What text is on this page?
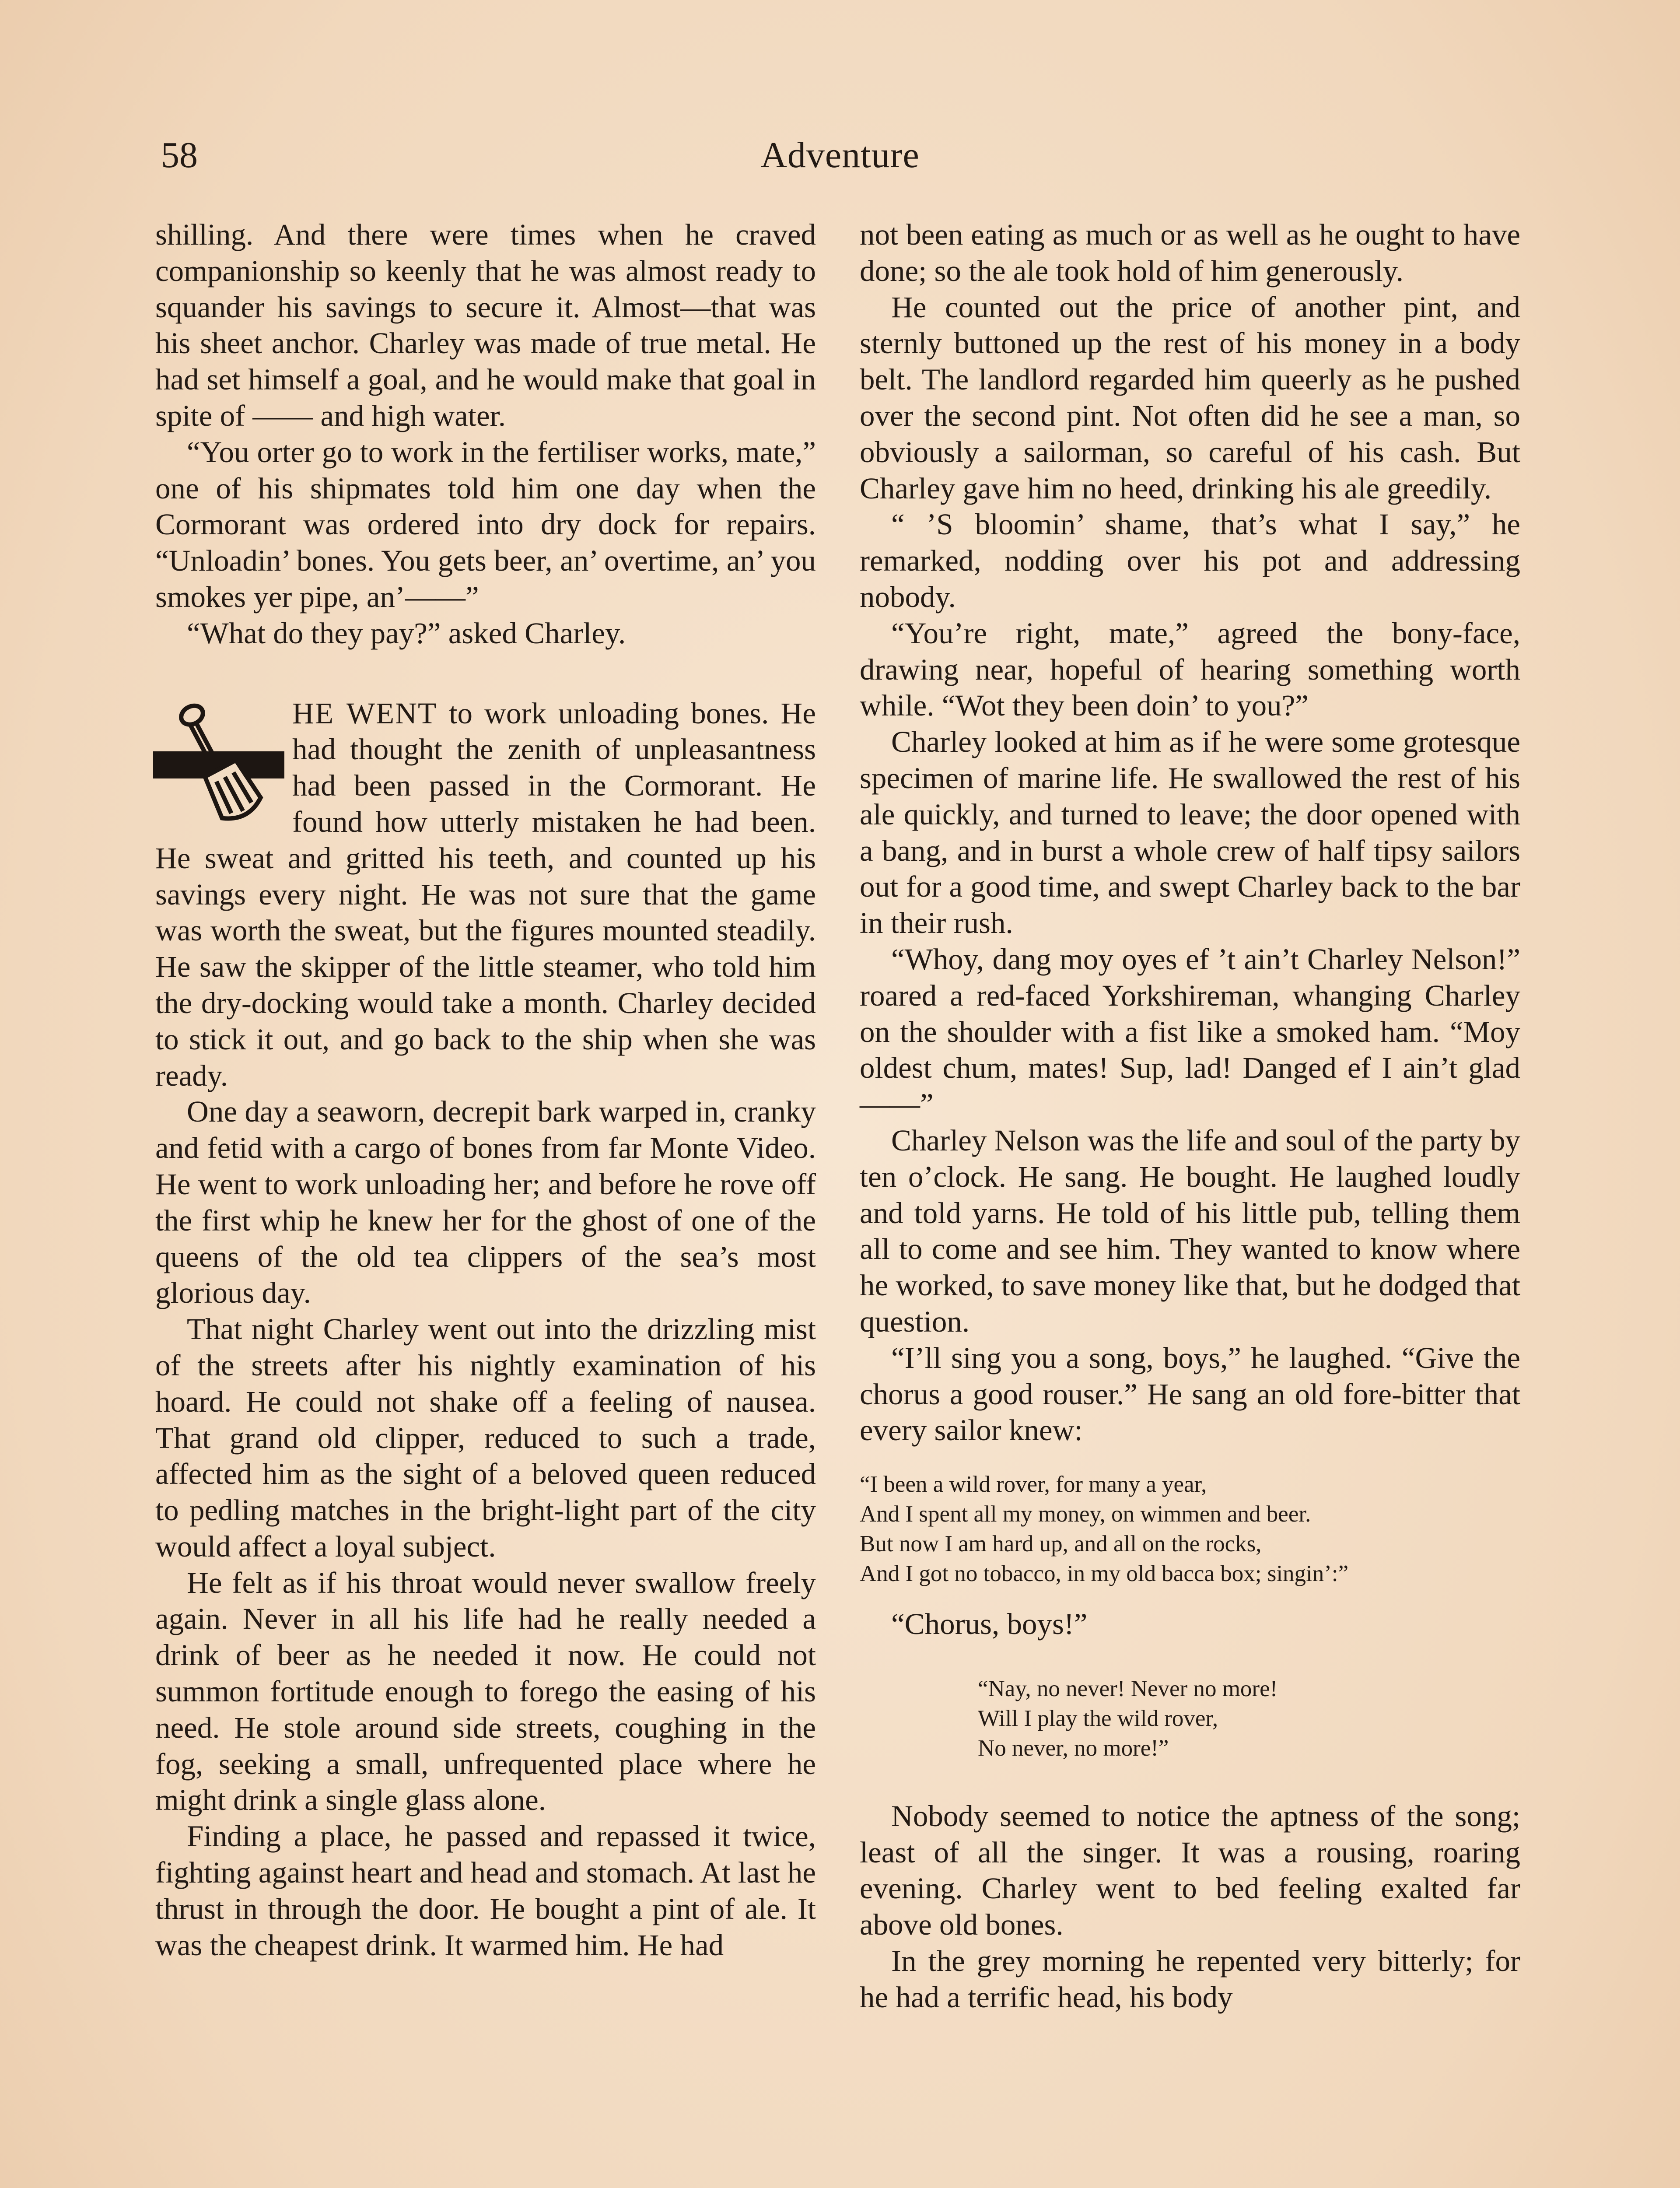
58	Adventure

shilling. And there were times when he craved companionship so keenly that he was almost ready to squander his savings to secure it. Almost—that was his sheet anchor. Charley was made of true metal. He had set himself a goal, and he would make that goal in spite of —— and high water.

“You orter go to work in the fertiliser works, mate,” one of his shipmates told him one day when the Cormorant was ordered into dry dock for repairs. “Unloadin’ bones. You gets beer, an’ overtime, an’ you smokes yer pipe, an’——”

“What do they pay?” asked Charley.

HE WENT to work unloading bones. He had thought the zenith of unpleasantness had been passed in the Cormorant. He found how utterly mistaken he had been. He sweat and gritted his teeth, and counted up his savings every night. He was not sure that the game was worth the sweat, but the figures mounted steadily. He saw the skipper of the little steamer, who told him the dry-docking would take a month. Charley decided to stick it out, and go back to the ship when she was ready.

One day a seaworn, decrepit bark warped in, cranky and fetid with a cargo of bones from far Monte Video. He went to work unloading her; and before he rove off the first whip he knew her for the ghost of one of the queens of the old tea clippers of the sea’s most glorious day.

That night Charley went out into the drizzling mist of the streets after his nightly examination of his hoard. He could not shake off a feeling of nausea. That grand old clipper, reduced to such a trade, affected him as the sight of a beloved queen reduced to pedling matches in the bright-light part of the city would affect a loyal subject.

He felt as if his throat would never swallow freely again. Never in all his life had he really needed a drink of beer as he needed it now. He could not summon fortitude enough to forego the easing of his need. He stole around side streets, coughing in the fog, seeking a small, unfrequented place where he might drink a single glass alone.

Finding a place, he passed and repassed it twice, fighting against heart and head and stomach. At last he thrust in through the door. He bought a pint of ale. It was the cheapest drink. It warmed him. He had

not been eating as much or as well as he ought to have done; so the ale took hold of him generously.

He counted out the price of another pint, and sternly buttoned up the rest of his money in a body belt. The landlord regarded him queerly as he pushed over the second pint. Not often did he see a man, so obviously a sailorman, so careful of his cash. But Charley gave him no heed, drinking his ale greedily.

“ ’S bloomin’ shame, that’s what I say,” he remarked, nodding over his pot and addressing nobody.

“You’re right, mate,” agreed the bony-face, drawing near, hopeful of hearing something worth while. “Wot they been doin’ to you?”

Charley looked at him as if he were some grotesque specimen of marine life. He swallowed the rest of his ale quickly, and turned to leave; the door opened with a bang, and in burst a whole crew of half tipsy sailors out for a good time, and swept Charley back to the bar in their rush.

“Whoy, dang moy oyes ef ’t ain’t Charley Nelson!” roared a red-faced Yorkshireman, whanging Charley on the shoulder with a fist like a smoked ham. “Moy oldest chum, mates! Sup, lad! Danged ef I ain’t glad——”

Charley Nelson was the life and soul of the party by ten o’clock. He sang. He bought. He laughed loudly and told yarns. He told of his little pub, telling them all to come and see him. They wanted to know where he worked, to save money like that, but he dodged that question.

“I’ll sing you a song, boys,” he laughed. “Give the chorus a good rouser.” He sang an old fore-bitter that every sailor knew:

“I been a wild rover, for many a year,
And I spent all my money, on wimmen and beer.
But now I am hard up, and all on the rocks,
And I got no tobacco, in my old bacca box; singin’:”

“Chorus, boys!”

“Nay, no never! Never no more!
Will I play the wild rover,
No never, no more!”

Nobody seemed to notice the aptness of the song; least of all the singer. It was a rousing, roaring evening. Charley went to bed feeling exalted far above old bones.

In the grey morning he repented very bitterly; for he had a terrific head, his body
